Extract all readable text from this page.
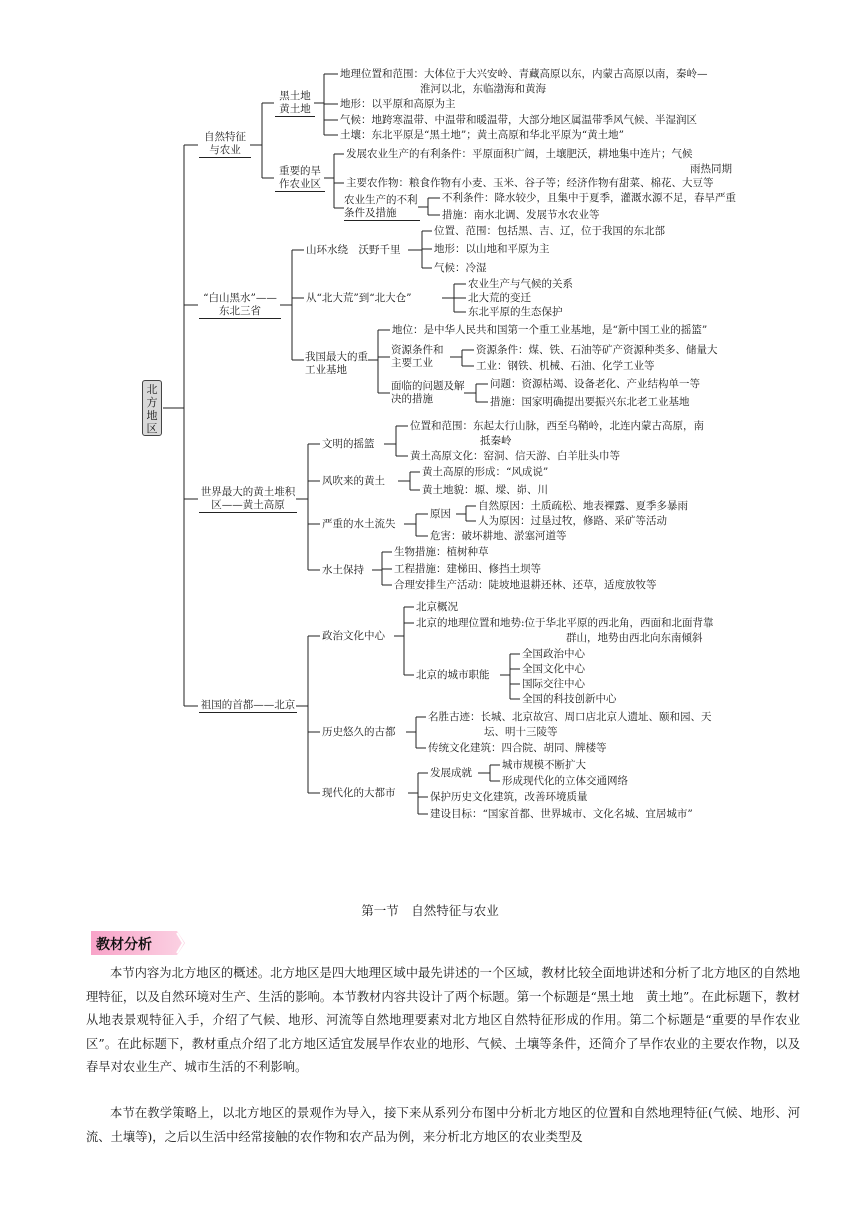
北方地区
自然特征与农业
黑土地 黄土地
地理位置和范围：大体位于大兴安岭、青藏高原以东，内蒙古高原以南，秦岭—
淮河以北，东临渤海和黄海
地形：以平原和高原为主
气候：地跨寒温带、中温带和暖温带，大部分地区属温带季风气候、半湿润区
土壤：东北平原是“黑土地”；黄土高原和华北平原为“黄土地”
重要的旱作农业区
发展农业生产的有利条件：平原面积广阔，土壤肥沃，耕地集中连片；气候
雨热同期
主要农作物：粮食作物有小麦、玉米、谷子等；经济作物有甜菜、棉花、大豆等
农业生产的不利条件及措施
不利条件：降水较少，且集中于夏季，灌溉水源不足，春旱严重
措施：南水北调、发展节水农业等
“白山黑水”——东北三省
山环水绕　沃野千里
位置、范围：包括黑、吉、辽，位于我国的东北部
地形：以山地和平原为主
气候：冷湿
从“北大荒”到“北大仓”
农业生产与气候的关系
北大荒的变迁
东北平原的生态保护
我国最大的重工业基地
地位：是中华人民共和国第一个重工业基地，是“新中国工业的摇篮”
资源条件和主要工业
资源条件：煤、铁、石油等矿产资源种类多、储量大
工业：钢铁、机械、石油、化学工业等
面临的问题及解决的措施
问题：资源枯竭、设备老化、产业结构单一等
措施：国家明确提出要振兴东北老工业基地
世界最大的黄土堆积区——黄土高原
文明的摇篮
位置和范围：东起太行山脉，西至乌鞘岭，北连内蒙古高原，南
抵秦岭
黄土高原文化：窑洞、信天游、白羊肚头巾等
风吹来的黄土
黄土高原的形成：“风成说”
黄土地貌：塬、墚、峁、川
严重的水土流失
原因
自然原因：土质疏松、地表裸露、夏季多暴雨
人为原因：过垦过牧，修路、采矿等活动
危害：破坏耕地、淤塞河道等
水土保持
生物措施：植树种草
工程措施：建梯田、修挡土坝等
合理安排生产活动：陡坡地退耕还林、还草，适度放牧等
祖国的首都——北京
政治文化中心
北京概况
北京的地理位置和地势:位于华北平原的西北角，西面和北面背靠
群山，地势由西北向东南倾斜
北京的城市职能
全国政治中心
全国文化中心
国际交往中心
全国的科技创新中心
历史悠久的古都
名胜古迹：长城、北京故宫、周口店北京人遗址、颐和园、天
坛、明十三陵等
传统文化建筑：四合院、胡同、牌楼等
现代化的大都市
发展成就
城市规模不断扩大
形成现代化的立体交通网络
保护历史文化建筑，改善环境质量
建设目标：“国家首都、世界城市、文化名城、宜居城市”
第一节　自然特征与农业
教材分析
本节内容为北方地区的概述。北方地区是四大地理区域中最先讲述的一个区域，教材比较全面地讲述和分析了北方地区的自然地理特征，以及自然环境对生产、生活的影响。本节教材内容共设计了两个标题。第一个标题是“黑土地　黄土地”。在此标题下，教材从地表景观特征入手，介绍了气候、地形、河流等自然地理要素对北方地区自然特征形成的作用。第二个标题是“重要的旱作农业区”。在此标题下，教材重点介绍了北方地区适宜发展旱作农业的地形、气候、土壤等条件，还简介了旱作农业的主要农作物，以及春旱对农业生产、城市生活的不利影响。
本节在教学策略上，以北方地区的景观作为导入，接下来从系列分布图中分析北方地区的位置和自然地理特征(气候、地形、河流、土壤等)，之后以生活中经常接触的农作物和农产品为例，来分析北方地区的农业类型及
